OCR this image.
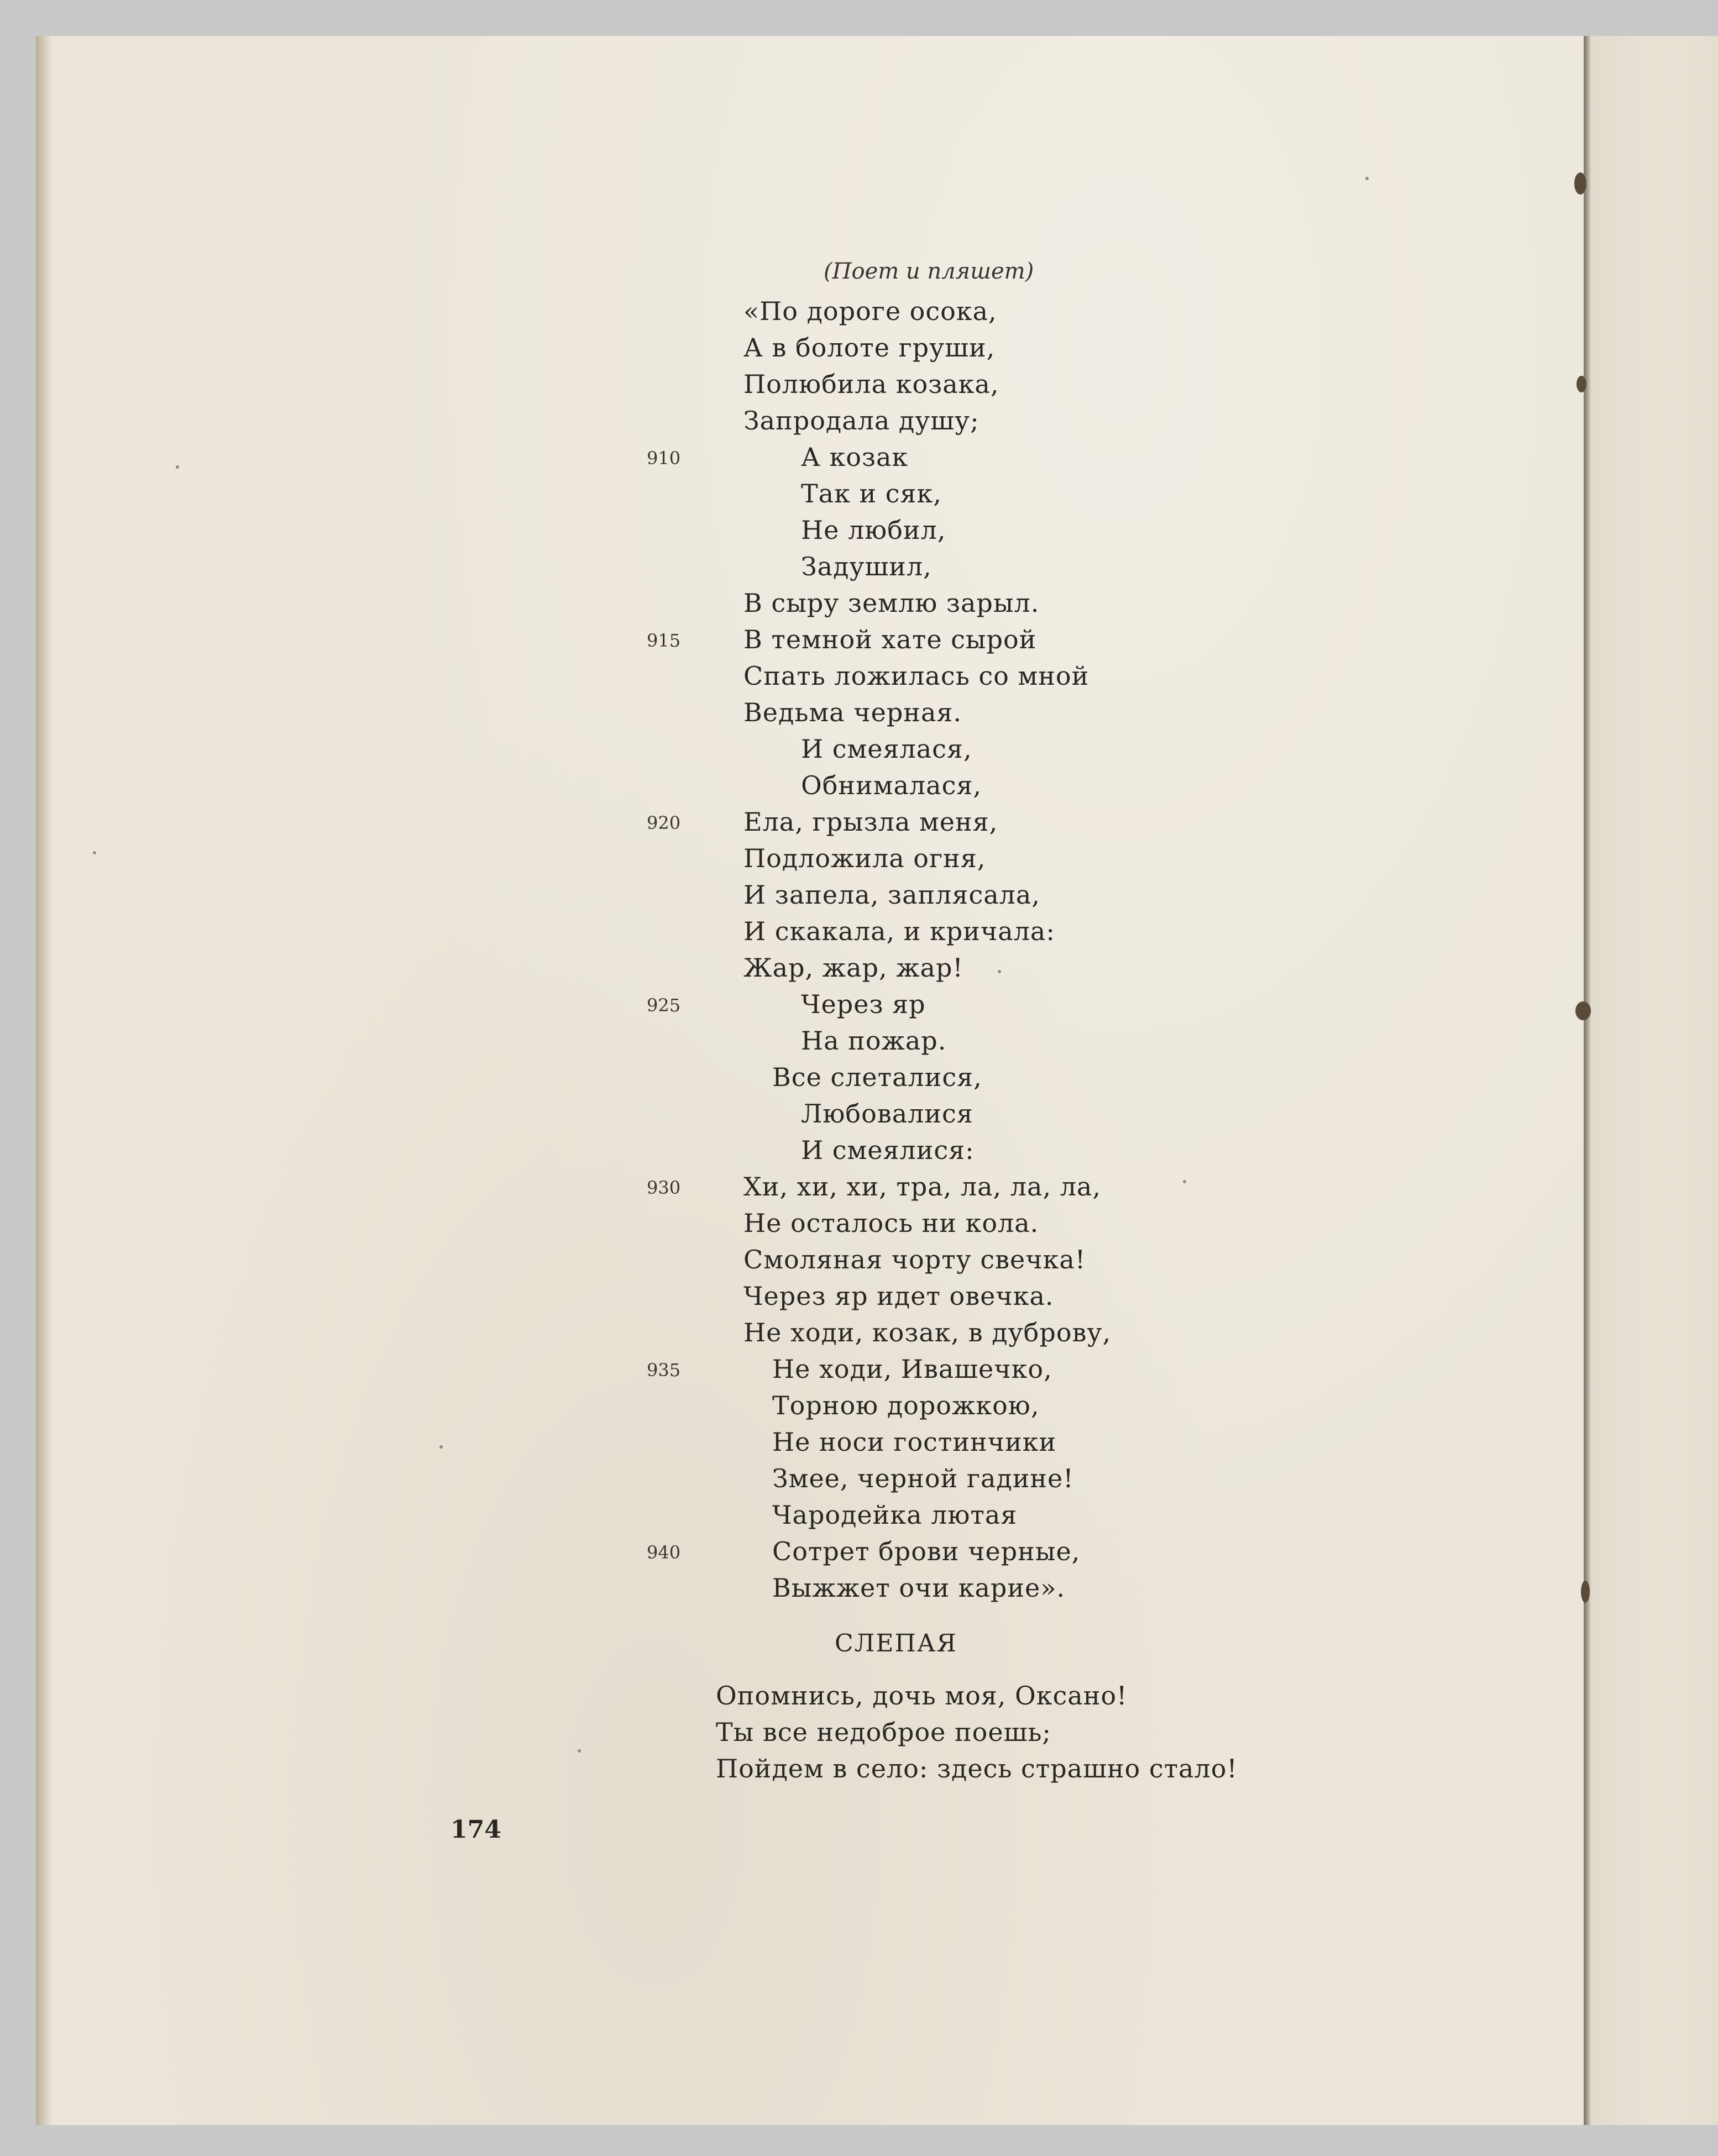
(Поет и пляшет)
«По дороге осока,
А в болоте груши,
Полюбила козака,
Запродала душу;
А козак
910
Так и сяк,
Не любил,
Задушил,
В сыру землю зарыл.
В темной хате сырой
915
Спать ложилась со мной
Ведьма черная.
И смеялася,
Обнималася,
Ела, грызла меня,
920
Подложила огня,
И запела, заплясала,
И скакала, и кричала:
Жар, жар, жар!
Через яр
925
На пожар.
Все слеталися,
Любовалися
И смеялися:
Хи, хи, хи, тра, ла, ла, ла,
930
Не осталось ни кола.
Смоляная чорту свечка!
Через яр идет овечка.
Не ходи, козак, в дуброву,
Не ходи, Ивашечко,
935
Торною дорожкою,
Не носи гостинчики
Змее, черной гадине!
Чародейка лютая
Сотрет брови черные,
940
Выжжет очи карие».
СЛЕПАЯ
Опомнись, дочь моя, Оксано!
Ты все недоброе поешь;
Пойдем в село: здесь страшно стало!
174
